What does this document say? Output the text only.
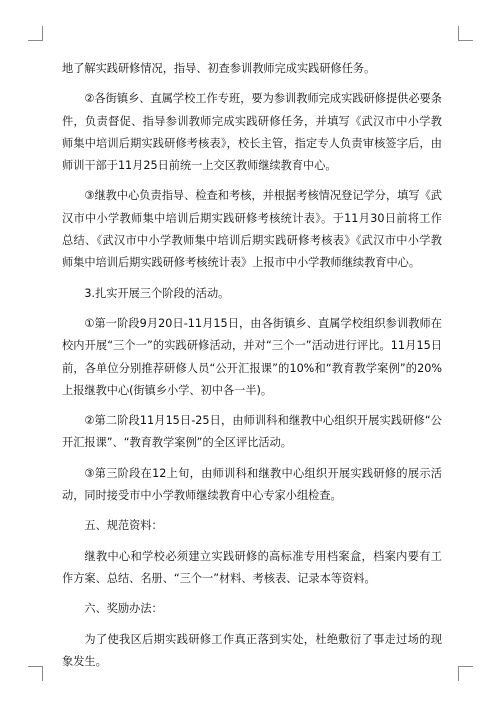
地了解实践研修情况，指导、初查参训教师完成实践研修任务。

②各街镇乡、直属学校工作专班，要为参训教师完成实践研修提供必要条件，负责督促、指导参训教师完成实践研修任务，并填写《武汉市中小学教师集中培训后期实践研修考核表》，校长主管，指定专人负责审核签字后，由师训干部于11月25日前统一上交区教师继续教育中心。

③继教中心负责指导、检查和考核，并根据考核情况登记学分，填写《武汉市中小学教师集中培训后期实践研修考核统计表》。于11月30日前将工作总结、《武汉市中小学教师集中培训后期实践研修考核表》《武汉市中小学教师集中培训后期实践研修考核统计表》上报市中小学教师继续教育中心。

3.扎实开展三个阶段的活动。

①第一阶段9月20日-11月15日，由各街镇乡、直属学校组织参训教师在校内开展“三个一”的实践研修活动，并对“三个一”活动进行评比。11月15日前，各单位分别推荐研修人员“公开汇报课”的10%和“教育教学案例”的20%上报继教中心(街镇乡小学、初中各一半)。

②第二阶段11月15日-25日，由师训科和继教中心组织开展实践研修“公开汇报课”、“教育教学案例”的全区评比活动。

③第三阶段在12上旬，由师训科和继教中心组织开展实践研修的展示活动，同时接受市中小学教师继续教育中心专家小组检查。

五、规范资料：

继教中心和学校必须建立实践研修的高标准专用档案盒，档案内要有工作方案、总结、名册、“三个一”材料、考核表、记录本等资料。

六、奖励办法：

为了使我区后期实践研修工作真正落到实处，杜绝敷衍了事走过场的现象发生。
